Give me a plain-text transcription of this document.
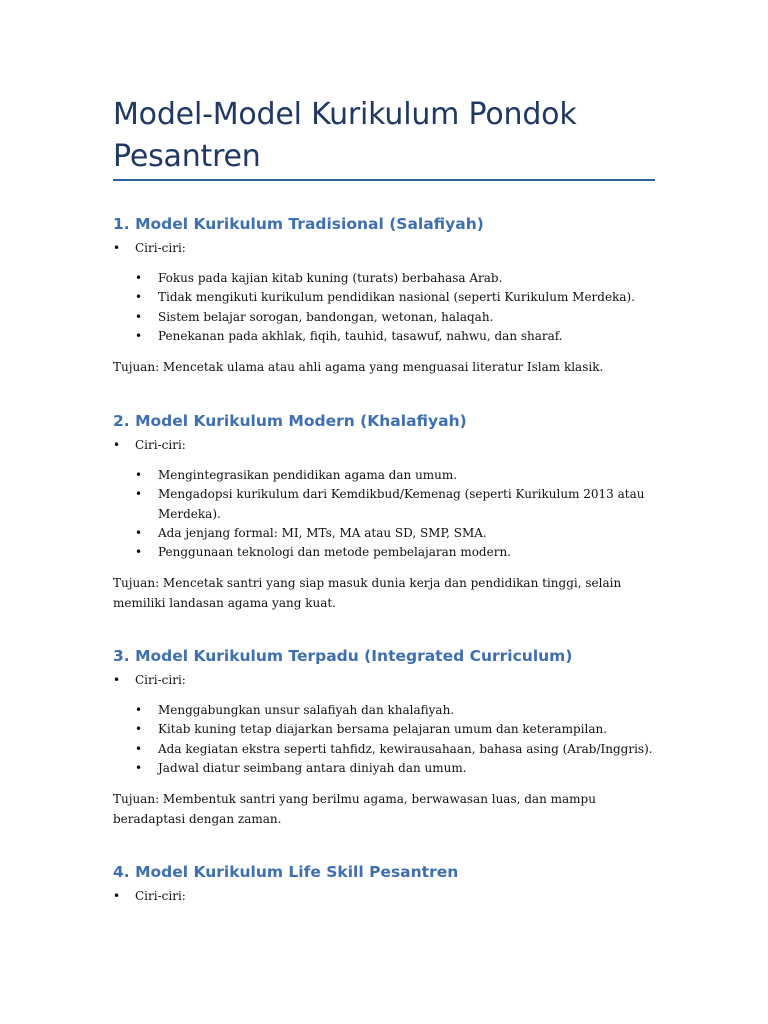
Model-Model Kurikulum Pondok Pesantren
1. Model Kurikulum Tradisional (Salafiyah)
• Ciri-ciri:
• Fokus pada kajian kitab kuning (turats) berbahasa Arab.
• Tidak mengikuti kurikulum pendidikan nasional (seperti Kurikulum Merdeka).
• Sistem belajar sorogan, bandongan, wetonan, halaqah.
• Penekanan pada akhlak, fiqih, tauhid, tasawuf, nahwu, dan sharaf.

Tujuan: Mencetak ulama atau ahli agama yang menguasai literatur Islam klasik.

2. Model Kurikulum Modern (Khalafiyah)
• Ciri-ciri:
• Mengintegrasikan pendidikan agama dan umum.
• Mengadopsi kurikulum dari Kemdikbud/Kemenag (seperti Kurikulum 2013 atau Merdeka).
• Ada jenjang formal: MI, MTs, MA atau SD, SMP, SMA.
• Penggunaan teknologi dan metode pembelajaran modern.

Tujuan: Mencetak santri yang siap masuk dunia kerja dan pendidikan tinggi, selain memiliki landasan agama yang kuat.

3. Model Kurikulum Terpadu (Integrated Curriculum)
• Ciri-ciri:
• Menggabungkan unsur salafiyah dan khalafiyah.
• Kitab kuning tetap diajarkan bersama pelajaran umum dan keterampilan.
• Ada kegiatan ekstra seperti tahfidz, kewirausahaan, bahasa asing (Arab/Inggris).
• Jadwal diatur seimbang antara diniyah dan umum.

Tujuan: Membentuk santri yang berilmu agama, berwawasan luas, dan mampu beradaptasi dengan zaman.

4. Model Kurikulum Life Skill Pesantren
• Ciri-ciri:
